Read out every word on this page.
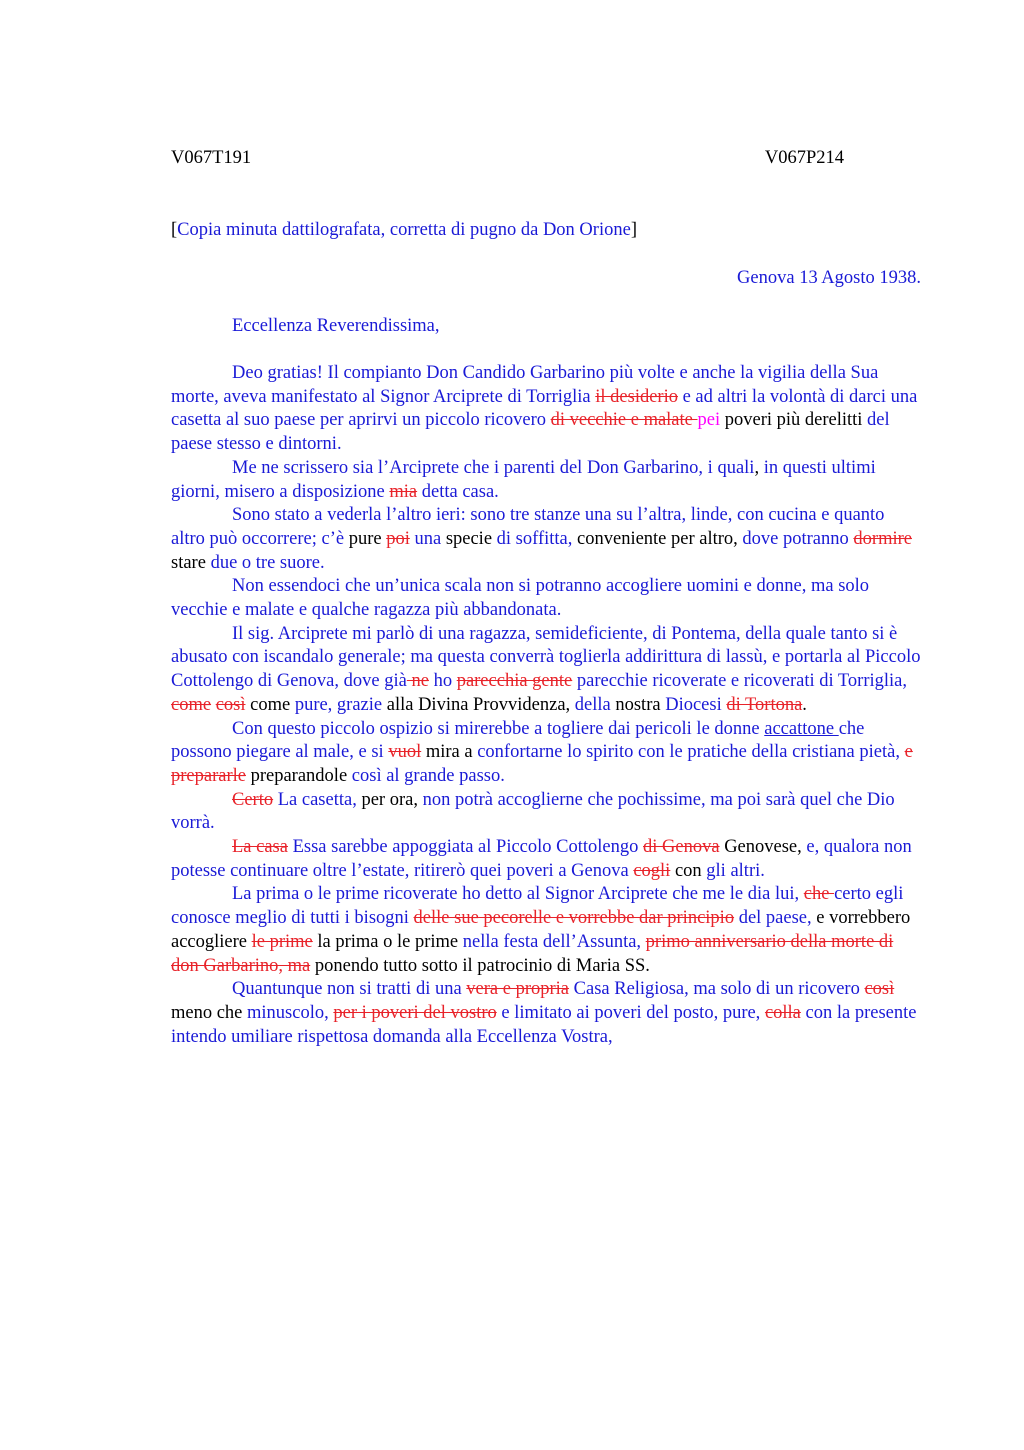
V067T191	V067P214
[Copia minuta dattilografata, corretta di pugno da Don Orione]
Genova 13 Agosto 1938.
Eccellenza Reverendissima,

Deo gratias! Il compianto Don Candido Garbarino più volte e anche la vigilia della Sua morte, aveva manifestato al Signor Arciprete di Torriglia il desiderio e ad altri la volontà di darci una casetta al suo paese per aprirvi un piccolo ricovero di vecchie e malate pei poveri più derelitti del paese stesso e dintorni.

Me ne scrissero sia l’Arciprete che i parenti del Don Garbarino, i quali, in questi ultimi giorni, misero a disposizione mia detta casa.

Sono stato a vederla l’altro ieri: sono tre stanze una su l’altra, linde, con cucina e quanto altro può occorrere; c’è pure poi una specie di soffitta, conveniente per altro, dove potranno dormire stare due o tre suore.

Non essendoci che un’unica scala non si potranno accogliere uomini e donne, ma solo vecchie e malate e qualche ragazza più abbandonata.

Il sig. Arciprete mi parlò di una ragazza, semideficiente, di Pontema, della quale tanto si è abusato con iscandalo generale; ma questa converrà toglierla addirittura di lassù, e portarla al Piccolo Cottolengo di Genova, dove già ne ho parecchia gente parecchie ricoverate e ricoverati di Torriglia, come così come pure, grazie alla Divina Provvidenza, della nostra Diocesi di Tortona.

Con questo piccolo ospizio si mirerebbe a togliere dai pericoli le donne accattone che possono piegare al male, e si vuol mira a confortarne lo spirito con le pratiche della cristiana pietà, e prepararle preparandole così al grande passo.

Certo La casetta, per ora, non potrà accoglierne che pochissime, ma poi sarà quel che Dio vorrà.

La casa Essa sarebbe appoggiata al Piccolo Cottolengo di Genova Genovese, e, qualora non potesse continuare oltre l’estate, ritirerò quei poveri a Genova cogli con gli altri.

La prima o le prime ricoverate ho detto al Signor Arciprete che me le dia lui, che certo egli conosce meglio di tutti i bisogni delle sue pecorelle e vorrebbe dar principio del paese, e vorrebbero accogliere le prime la prima o le prime nella festa dell’Assunta, primo anniversario della morte di don Garbarino, ma ponendo tutto sotto il patrocinio di Maria SS.

Quantunque non si tratti di una vera e propria Casa Religiosa, ma solo di un ricovero così meno che minuscolo, per i poveri del vostro e limitato ai poveri del posto, pure, colla con la presente intendo umiliare rispettosa domanda alla Eccellenza Vostra,
